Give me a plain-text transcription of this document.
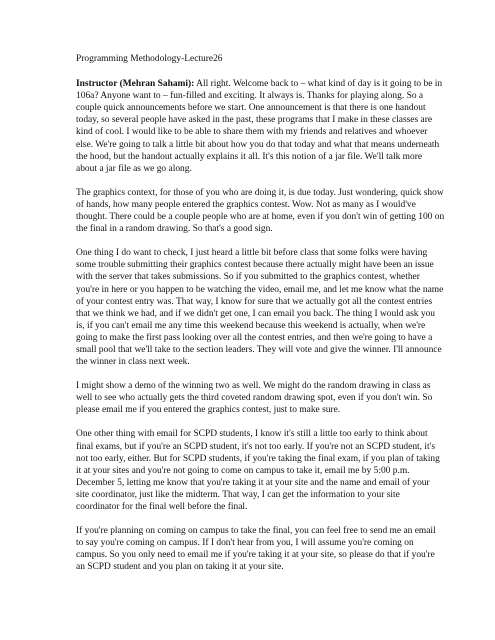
Programming Methodology-Lecture26

Instructor (Mehran Sahami): All right. Welcome back to – what kind of day is it going to be in 106a? Anyone want to – fun-filled and exciting. It always is. Thanks for playing along. So a couple quick announcements before we start. One announcement is that there is one handout today, so several people have asked in the past, these programs that I make in these classes are kind of cool. I would like to be able to share them with my friends and relatives and whoever else. We're going to talk a little bit about how you do that today and what that means underneath the hood, but the handout actually explains it all. It's this notion of a jar file. We'll talk more about a jar file as we go along.

The graphics context, for those of you who are doing it, is due today. Just wondering, quick show of hands, how many people entered the graphics contest. Wow. Not as many as I would've thought. There could be a couple people who are at home, even if you don't win of getting 100 on the final in a random drawing. So that's a good sign.

One thing I do want to check, I just heard a little bit before class that some folks were having some trouble submitting their graphics contest because there actually might have been an issue with the server that takes submissions. So if you submitted to the graphics contest, whether you're in here or you happen to be watching the video, email me, and let me know what the name of your contest entry was. That way, I know for sure that we actually got all the contest entries that we think we had, and if we didn't get one, I can email you back. The thing I would ask you is, if you can't email me any time this weekend because this weekend is actually, when we're going to make the first pass looking over all the contest entries, and then we're going to have a small pool that we'll take to the section leaders. They will vote and give the winner. I'll announce the winner in class next week.

I might show a demo of the winning two as well. We might do the random drawing in class as well to see who actually gets the third coveted random drawing spot, even if you don't win. So please email me if you entered the graphics contest, just to make sure.

One other thing with email for SCPD students, I know it's still a little too early to think about final exams, but if you're an SCPD student, it's not too early. If you're not an SCPD student, it's not too early, either. But for SCPD students, if you're taking the final exam, if you plan of taking it at your sites and you're not going to come on campus to take it, email me by 5:00 p.m. December 5, letting me know that you're taking it at your site and the name and email of your site coordinator, just like the midterm. That way, I can get the information to your site coordinator for the final well before the final.

If you're planning on coming on campus to take the final, you can feel free to send me an email to say you're coming on campus. If I don't hear from you, I will assume you're coming on campus. So you only need to email me if you're taking it at your site, so please do that if you're an SCPD student and you plan on taking it at your site.
